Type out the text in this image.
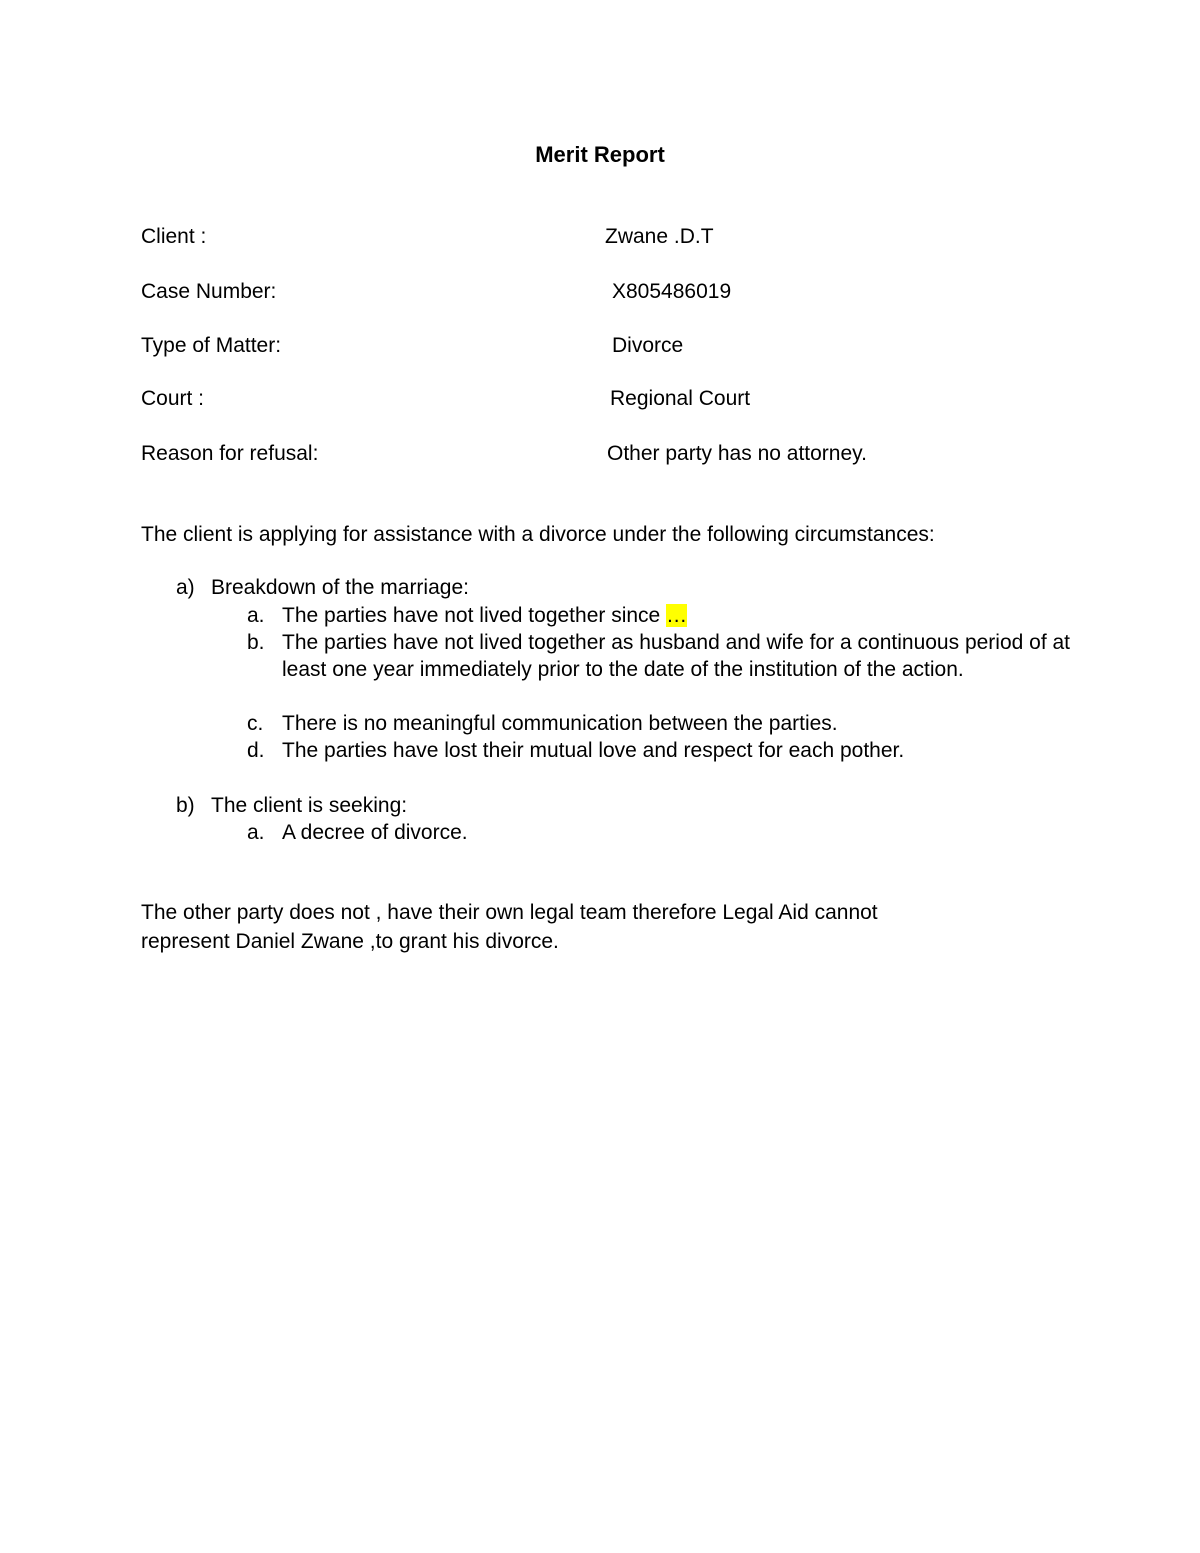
Merit Report
Client :	Zwane .D.T
Case Number:	X805486019
Type of Matter:	Divorce
Court :	Regional Court
Reason for refusal:	Other party has no attorney.
The client is applying for assistance with a divorce under the following circumstances:
a) Breakdown of the marriage:
a. The parties have not lived together since …
b. The parties have not lived together as husband and wife for a continuous period of at least one year immediately prior to the date of the institution of the action.
c. There is no meaningful communication between the parties.
d. The parties have lost their mutual love and respect for each pother.
b) The client is seeking:
a. A decree of divorce.
The other party does not , have their own legal team therefore Legal Aid cannot
represent Daniel Zwane ,to grant his divorce.
